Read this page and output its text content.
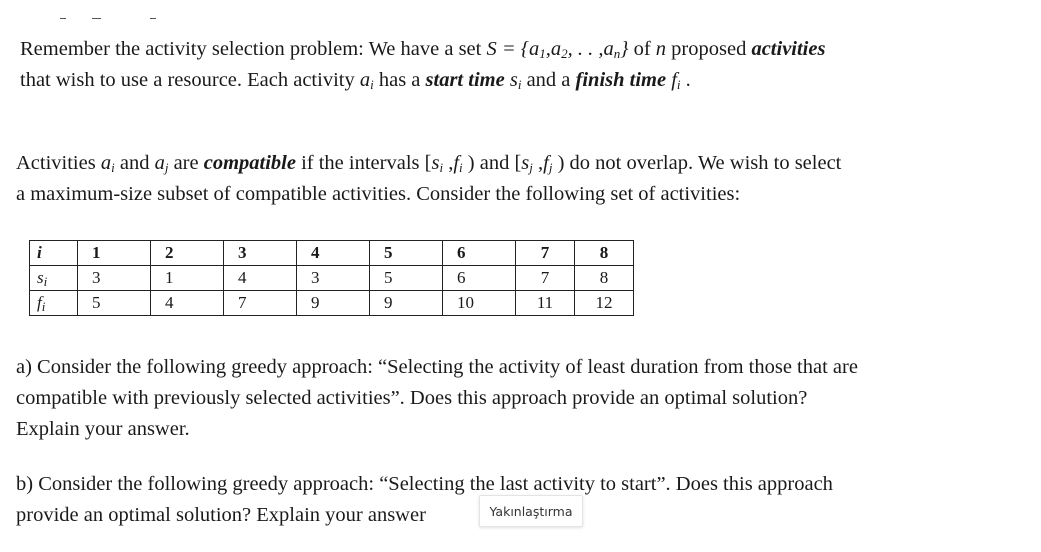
Remember the activity selection problem: We have a set $S = \{a_1,a_2$, . . $,a_n$} of n proposed activities
that wish to use a resource. Each activity $a_i$ has a start time $s_i$ and a finish time $f_i$ .
Activities $a_i$ and $a_j$ are compatible if the intervals [$s_i$ $,f_i$ ) and [$s_j$ $,f_j$ ) do not overlap. We wish to select
a maximum-size subset of compatible activities. Consider the following set of activities:
i	1	2	3	4	5	6	7	8
$s_i$	3	1	4	3	5	6	7	8
$f_i$	5	4	7	9	9	10	11	12
a) Consider the following greedy approach: “Selecting the activity of least duration from those that are
compatible with previously selected activities”. Does this approach provide an optimal solution?
Explain your answer.
b) Consider the following greedy approach: “Selecting the last activity to start”. Does this approach
provide an optimal solution? Explain your answer	Yakınlaştırma
